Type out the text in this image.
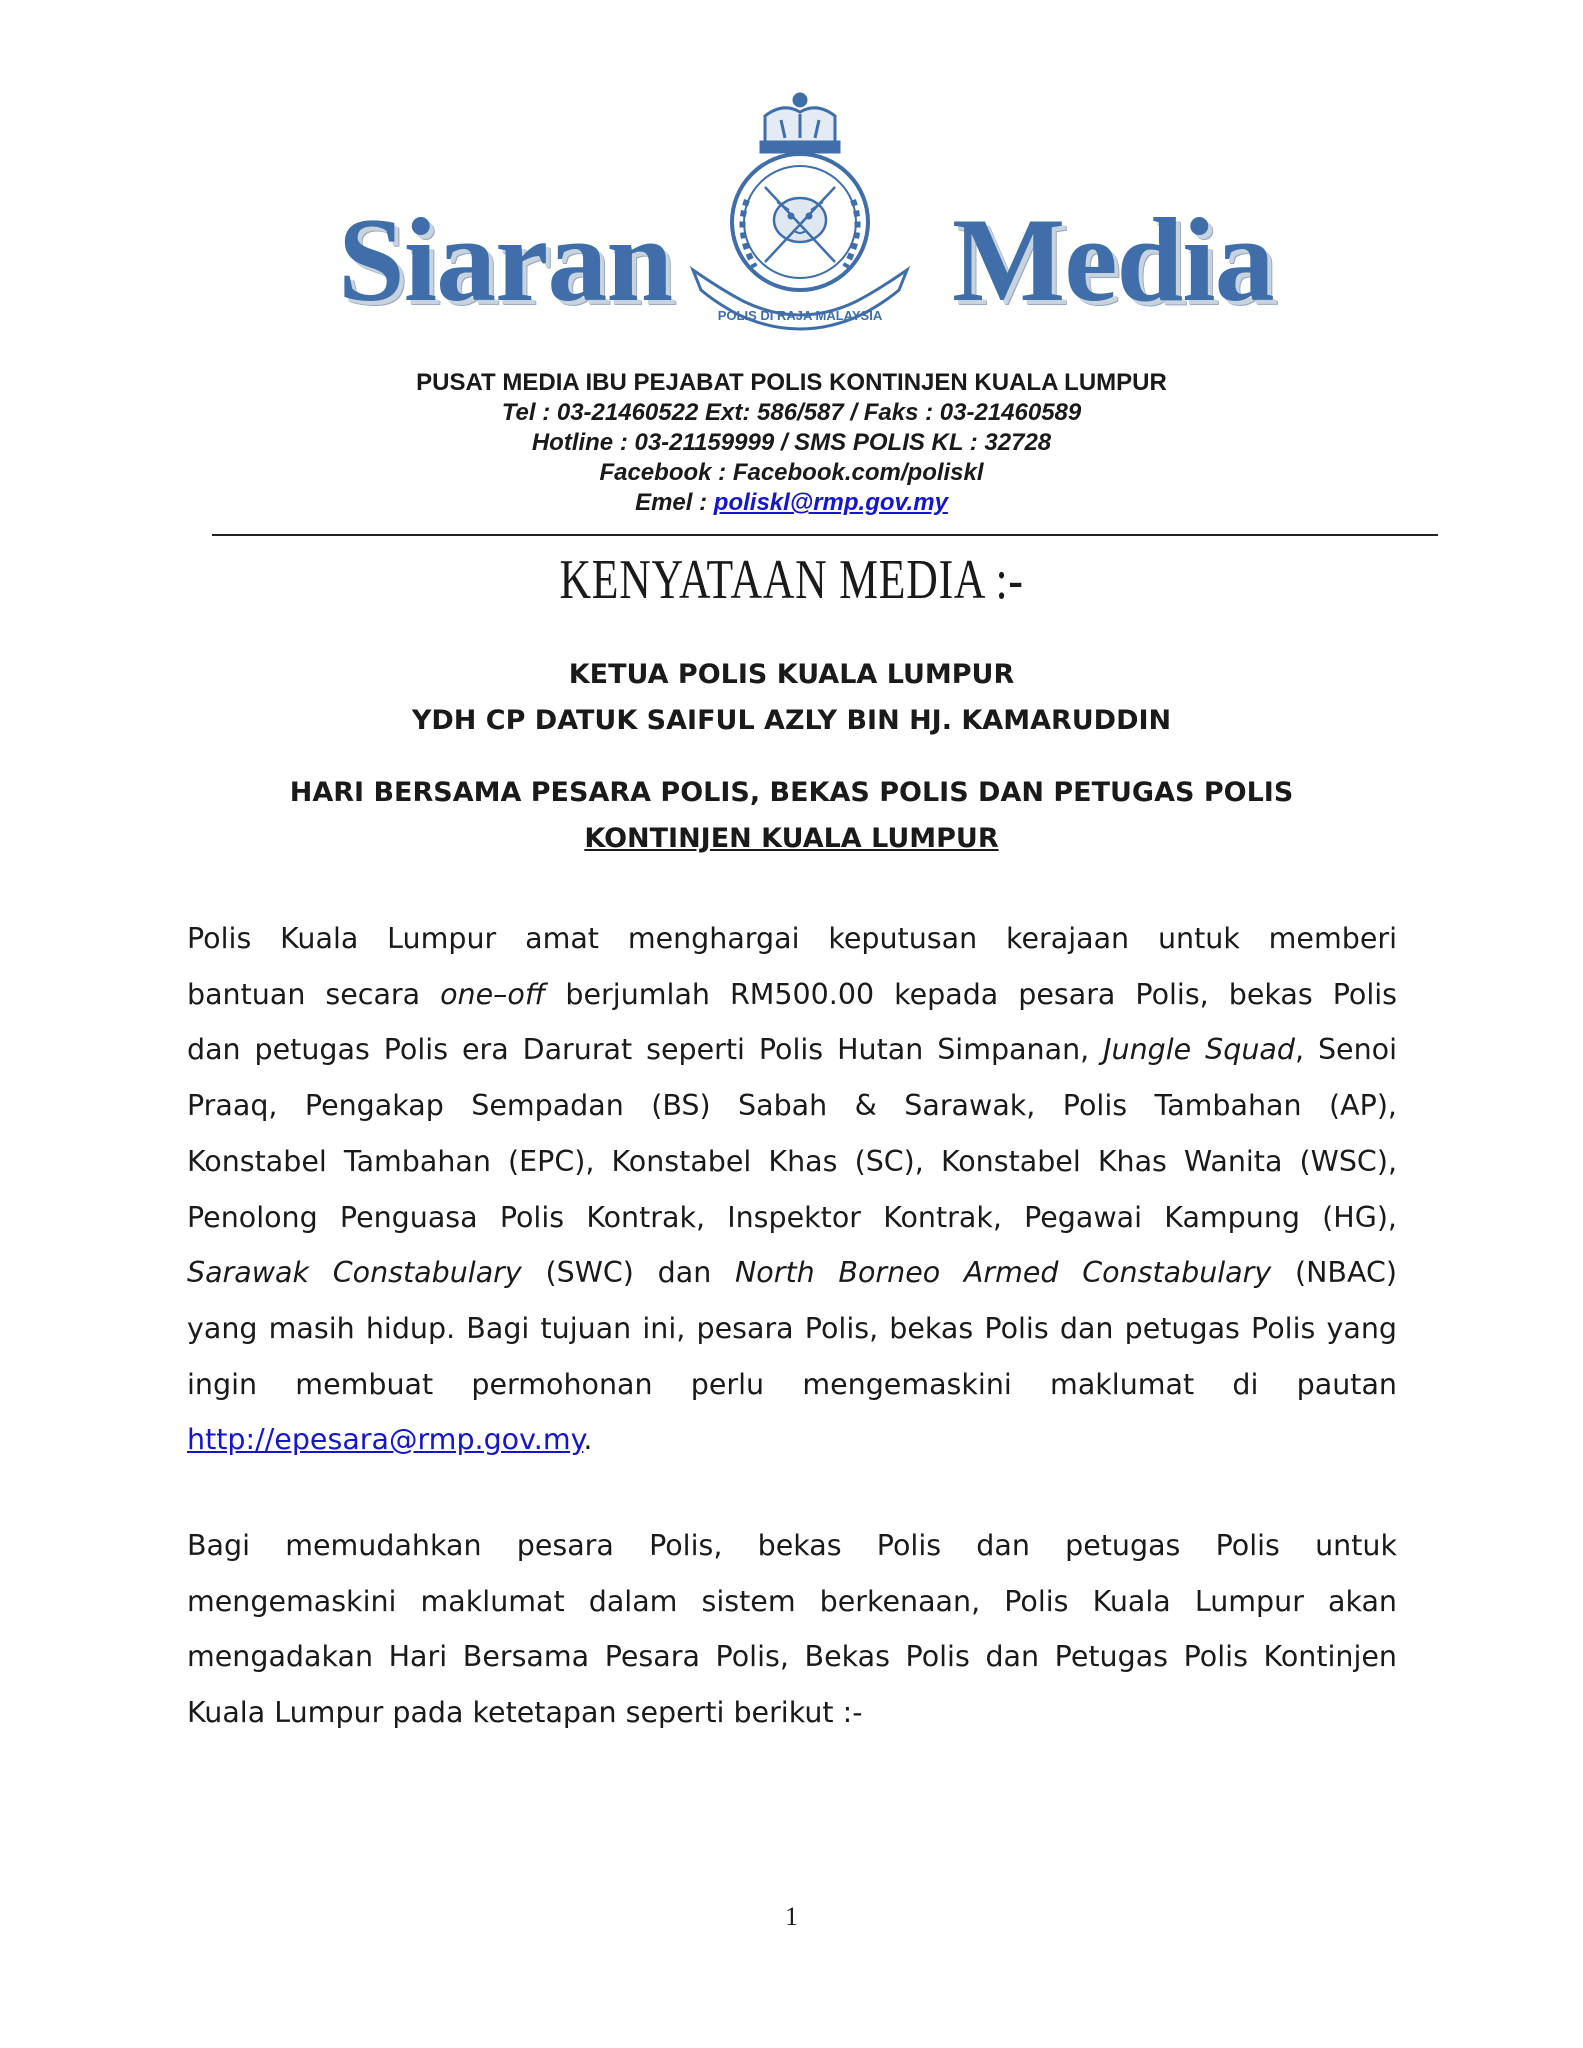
Siaran Media
POLIS DI RAJA MALAYSIA
PUSAT MEDIA IBU PEJABAT POLIS KONTINJEN KUALA LUMPUR
Tel : 03-21460522 Ext: 586/587 / Faks : 03-21460589
Hotline : 03-21159999 / SMS POLIS KL : 32728
Facebook : Facebook.com/poliskl
Emel : poliskl@rmp.gov.my
KENYATAAN MEDIA :-
KETUA POLIS KUALA LUMPUR
YDH CP DATUK SAIFUL AZLY BIN HJ. KAMARUDDIN
HARI BERSAMA PESARA POLIS, BEKAS POLIS DAN PETUGAS POLIS
KONTINJEN KUALA LUMPUR
Polis Kuala Lumpur amat menghargai keputusan kerajaan untuk memberi
bantuan secara one–off berjumlah RM500.00 kepada pesara Polis, bekas Polis
dan petugas Polis era Darurat seperti Polis Hutan Simpanan, Jungle Squad, Senoi
Praaq, Pengakap Sempadan (BS) Sabah & Sarawak, Polis Tambahan (AP),
Konstabel Tambahan (EPC), Konstabel Khas (SC), Konstabel Khas Wanita (WSC),
Penolong Penguasa Polis Kontrak, Inspektor Kontrak, Pegawai Kampung (HG),
Sarawak Constabulary (SWC) dan North Borneo Armed Constabulary (NBAC)
yang masih hidup. Bagi tujuan ini, pesara Polis, bekas Polis dan petugas Polis yang
ingin membuat permohonan perlu mengemaskini maklumat di pautan
http://epesara@rmp.gov.my.
Bagi memudahkan pesara Polis, bekas Polis dan petugas Polis untuk
mengemaskini maklumat dalam sistem berkenaan, Polis Kuala Lumpur akan
mengadakan Hari Bersama Pesara Polis, Bekas Polis dan Petugas Polis Kontinjen
Kuala Lumpur pada ketetapan seperti berikut :-
1
